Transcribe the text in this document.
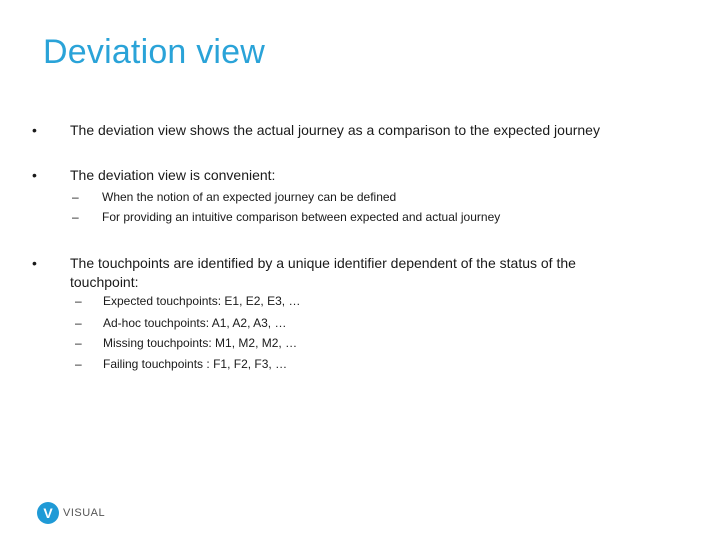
Deviation view
• The deviation view shows the actual journey as a comparison to the expected journey
• The deviation view is convenient:
– When the notion of an expected journey can be defined
– For providing an intuitive comparison between expected and actual journey
• The touchpoints are identified by a unique identifier dependent of the status of the touchpoint:
– Expected touchpoints: E1, E2, E3, …
– Ad-hoc touchpoints: A1, A2, A3, …
– Missing touchpoints: M1, M2, M2, …
– Failing touchpoints : F1, F2, F3, …
V VISUAL
